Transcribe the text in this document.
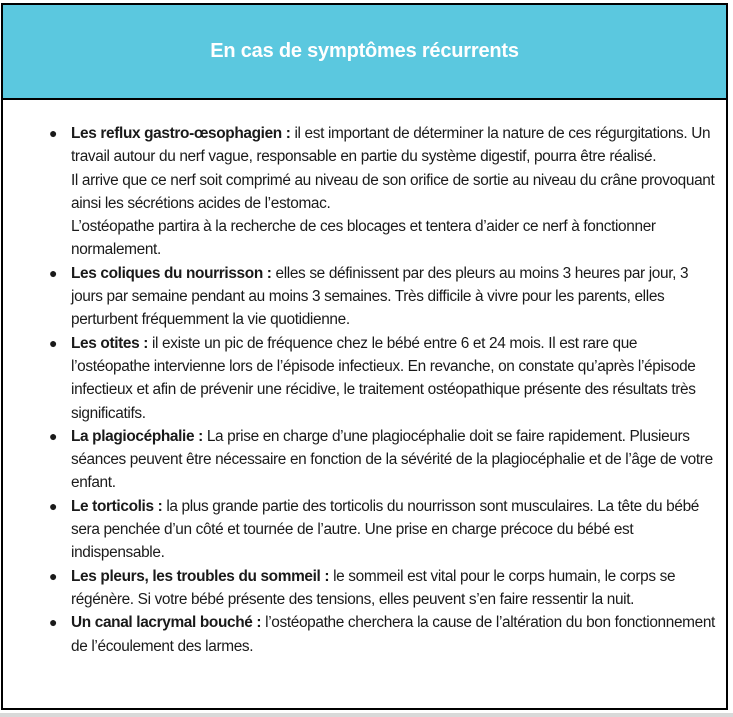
En cas de symptômes récurrents
● Les reflux gastro-œsophagien : il est important de déterminer la nature de ces régurgitations. Un travail autour du nerf vague, responsable en partie du système digestif, pourra être réalisé.
Il arrive que ce nerf soit comprimé au niveau de son orifice de sortie au niveau du crâne provoquant ainsi les sécrétions acides de l’estomac.
L’ostéopathe partira à la recherche de ces blocages et tentera d’aider ce nerf à fonctionner normalement.
● Les coliques du nourrisson : elles se définissent par des pleurs au moins 3 heures par jour, 3 jours par semaine pendant au moins 3 semaines. Très difficile à vivre pour les parents, elles perturbent fréquemment la vie quotidienne.
● Les otites : il existe un pic de fréquence chez le bébé entre 6 et 24 mois. Il est rare que l’ostéopathe intervienne lors de l’épisode infectieux. En revanche, on constate qu’après l’épisode infectieux et afin de prévenir une récidive, le traitement ostéopathique présente des résultats très significatifs.
● La plagiocéphalie : La prise en charge d’une plagiocéphalie doit se faire rapidement. Plusieurs séances peuvent être nécessaire en fonction de la sévérité de la plagiocéphalie et de l’âge de votre enfant.
● Le torticolis : la plus grande partie des torticolis du nourrisson sont musculaires. La tête du bébé sera penchée d’un côté et tournée de l’autre. Une prise en charge précoce du bébé est indispensable.
● Les pleurs, les troubles du sommeil : le sommeil est vital pour le corps humain, le corps se régénère. Si votre bébé présente des tensions, elles peuvent s’en faire ressentir la nuit.
● Un canal lacrymal bouché : l’ostéopathe cherchera la cause de l’altération du bon fonctionnement de l’écoulement des larmes.
